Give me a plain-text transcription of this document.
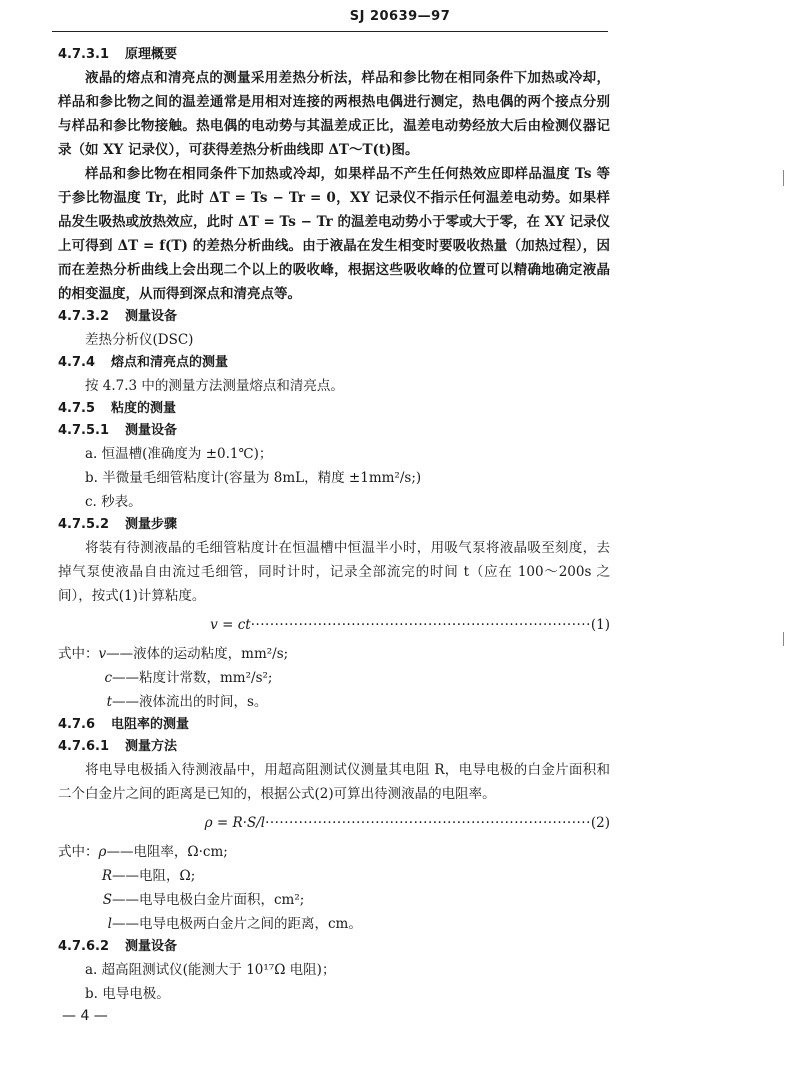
SJ 20639—97
4.7.3.1 原理概要

液晶的熔点和清亮点的测量采用差热分析法，样品和参比物在相同条件下加热或冷却，样品和参比物之间的温差通常是用相对连接的两根热电偶进行测定，热电偶的两个接点分别与样品和参比物接触。热电偶的电动势与其温差成正比，温差电动势经放大后由检测仪器记录（如 XY 记录仪），可获得差热分析曲线即 ΔT～T(t)图。

样品和参比物在相同条件下加热或冷却，如果样品不产生任何热效应即样品温度 Ts 等于参比物温度 Tr，此时 ΔT = Ts − Tr = 0，XY 记录仪不指示任何温差电动势。如果样品发生吸热或放热效应，此时 ΔT = Ts − Tr 的温差电动势小于零或大于零，在 XY 记录仪上可得到 ΔT = f(T) 的差热分析曲线。由于液晶在发生相变时要吸收热量（加热过程），因而在差热分析曲线上会出现二个以上的吸收峰，根据这些吸收峰的位置可以精确地确定液晶的相变温度，从而得到深点和清亮点等。

4.7.3.2 测量设备

差热分析仪(DSC)

4.7.4 熔点和清亮点的测量

按 4.7.3 中的测量方法测量熔点和清亮点。

4.7.5 粘度的测量
4.7.5.1 测量设备

a. 恒温槽(准确度为 ±0.1℃)；

b. 半微量毛细管粘度计(容量为 8mL，精度 ±1mm²/s;)

c. 秒表。

4.7.5.2 测量步骤

将装有待测液晶的毛细管粘度计在恒温槽中恒温半小时，用吸气泵将液晶吸至刻度，去掉气泵使液晶自由流过毛细管，同时计时，记录全部流完的时间 t（应在 100～200s 之间），按式(1)计算粘度。

v = ct·······································································(1)
式中：v——液体的运动粘度，mm²/s;
c——粘度计常数，mm²/s²;
t——液体流出的时间，s。
4.7.6 电阻率的测量
4.7.6.1 测量方法

将电导电极插入待测液晶中，用超高阻测试仪测量其电阻 R，电导电极的白金片面积和二个白金片之间的距离是已知的，根据公式(2)可算出待测液晶的电阻率。

ρ = R·S/l····································································(2)
式中：ρ——电阻率，Ω·cm;
R——电阻，Ω;
S——电导电极白金片面积，cm²;
l——电导电极两白金片之间的距离，cm。
4.7.6.2 测量设备

a. 超高阻测试仪(能测大于 10¹⁷Ω 电阻)；

b. 电导电极。

— 4 —
